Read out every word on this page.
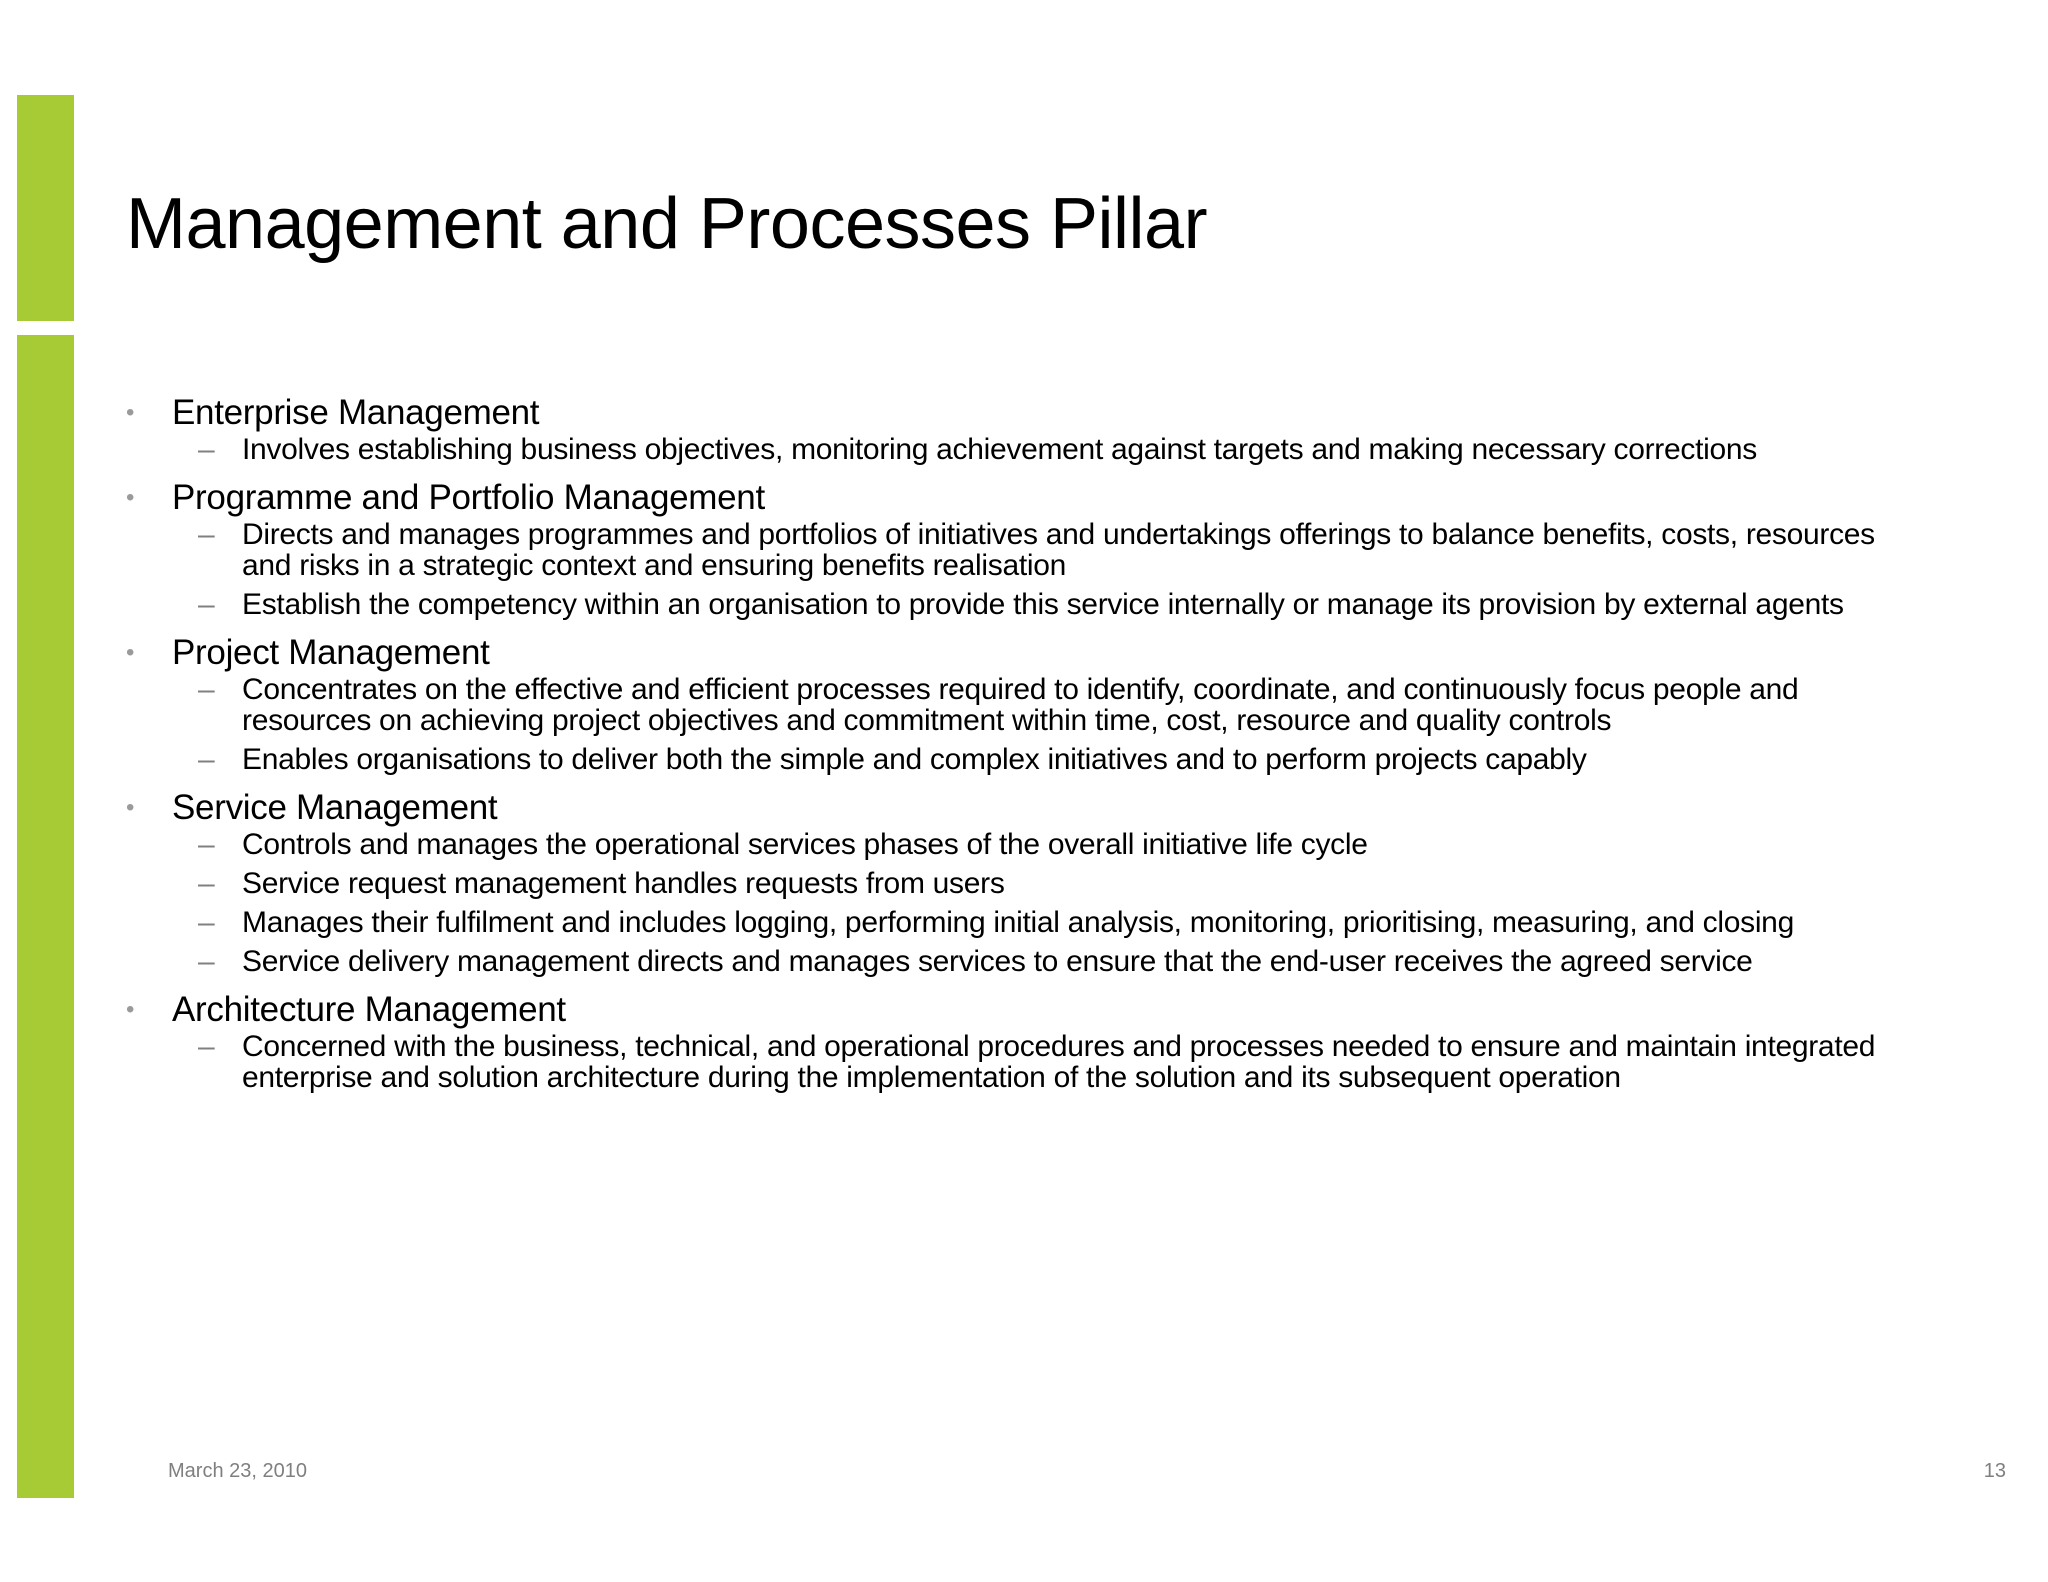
Management and Processes Pillar
•	Enterprise Management
– Involves establishing business objectives, monitoring achievement against targets and making necessary corrections
•	Programme and Portfolio Management
– Directs and manages programmes and portfolios of initiatives and undertakings offerings to balance benefits, costs, resources and risks in a strategic context and ensuring benefits realisation
– Establish the competency within an organisation to provide this service internally or manage its provision by external agents
•	Project Management
– Concentrates on the effective and efficient processes required to identify, coordinate, and continuously focus people and resources on achieving project objectives and commitment within time, cost, resource and quality controls
– Enables organisations to deliver both the simple and complex initiatives and to perform projects capably
•	Service Management
– Controls and manages the operational services phases of the overall initiative life cycle
– Service request management handles requests from users
– Manages their fulfilment and includes logging, performing initial analysis, monitoring, prioritising, measuring, and closing
– Service delivery management directs and manages services to ensure that the end-user receives the agreed service
•	Architecture Management
– Concerned with the business, technical, and operational procedures and processes needed to ensure and maintain integrated enterprise and solution architecture during the implementation of the solution and its subsequent operation
March 23, 2010	13
